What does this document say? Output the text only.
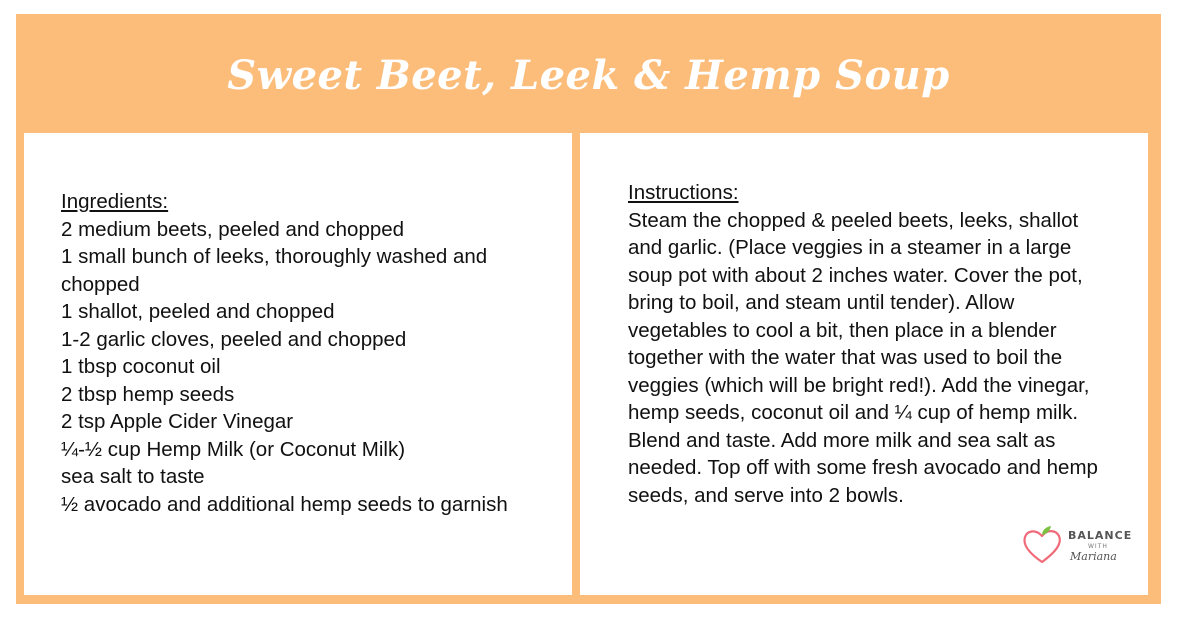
Sweet Beet, Leek & Hemp Soup
Ingredients:
2 medium beets, peeled and chopped
1 small bunch of leeks, thoroughly washed and chopped
1 shallot, peeled and chopped
1-2 garlic cloves, peeled and chopped
1 tbsp coconut oil
2 tbsp hemp seeds
2 tsp Apple Cider Vinegar
¼-½ cup Hemp Milk (or Coconut Milk)
sea salt to taste
½ avocado and additional hemp seeds to garnish
Instructions:
Steam the chopped & peeled beets, leeks, shallot and garlic. (Place veggies in a steamer in a large soup pot with about 2 inches water. Cover the pot, bring to boil, and steam until tender). Allow vegetables to cool a bit, then place in a blender together with the water that was used to boil the veggies (which will be bright red!). Add the vinegar, hemp seeds, coconut oil and ¼ cup of hemp milk. Blend and taste. Add more milk and sea salt as needed. Top off with some fresh avocado and hemp seeds, and serve into 2 bowls.
BALANCE
WITH
Mariana
